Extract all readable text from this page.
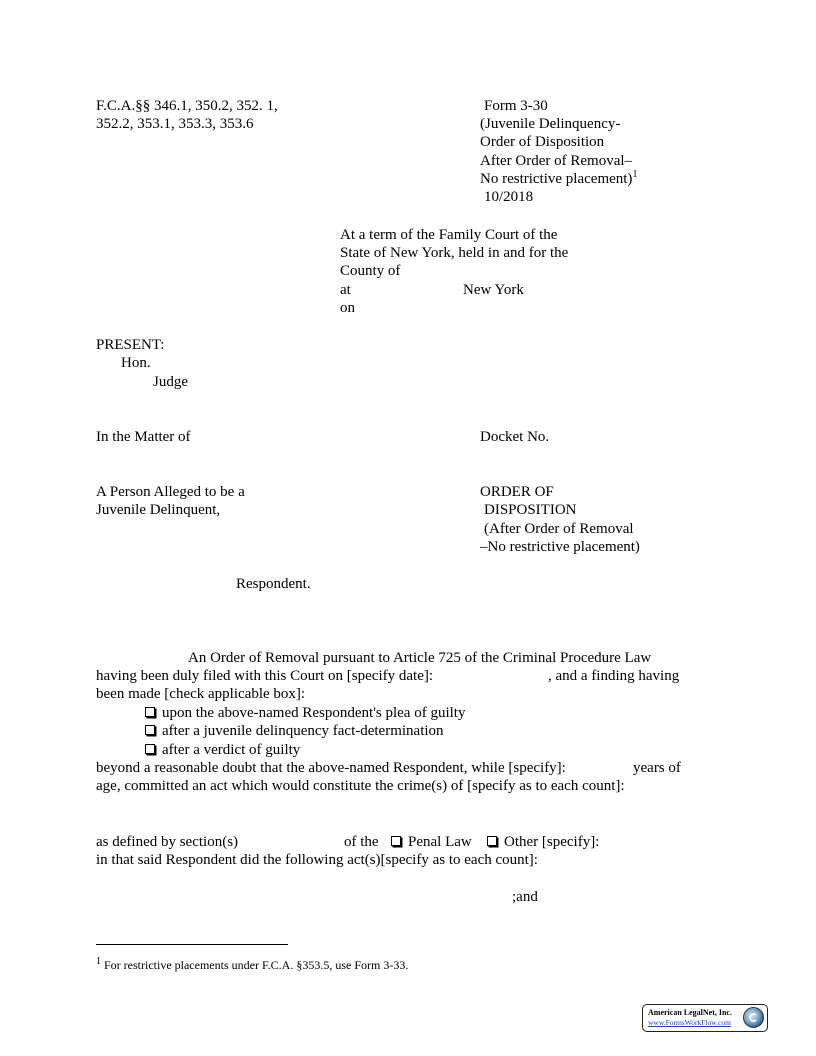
F.C.A.§§ 346.1, 350.2, 352. 1,
352.2, 353.1, 353.3, 353.6
Form 3-30
(Juvenile Delinquency-
Order of Disposition
After Order of Removal–
No restrictive placement)$^1$
10/2018
At a term of the Family Court of the
State of New York, held in and for the
County of
at	New York
on
PRESENT:
Hon.
Judge
In the Matter of	Docket No.
A Person Alleged to be a
Juvenile Delinquent,
ORDER OF
DISPOSITION
(After Order of Removal
–No restrictive placement)
Respondent.
An Order of Removal pursuant to Article 725 of the Criminal Procedure Law
having been duly filed with this Court on [specify date]:	, and a finding having
been made [check applicable box]:
upon the above-named Respondent's plea of guilty
after a juvenile delinquency fact-determination
after a verdict of guilty
beyond a reasonable doubt that the above-named Respondent, while [specify]:	years of
age, committed an act which would constitute the crime(s) of [specify as to each count]:
as defined by section(s)	of the	Penal Law	Other [specify]:
in that said Respondent did the following act(s)[specify as to each count]:
;and
$^1$ For restrictive placements under F.C.A. §353.5, use Form 3-33.
American LegalNet, Inc.
www.FormsWorkFlow.com
